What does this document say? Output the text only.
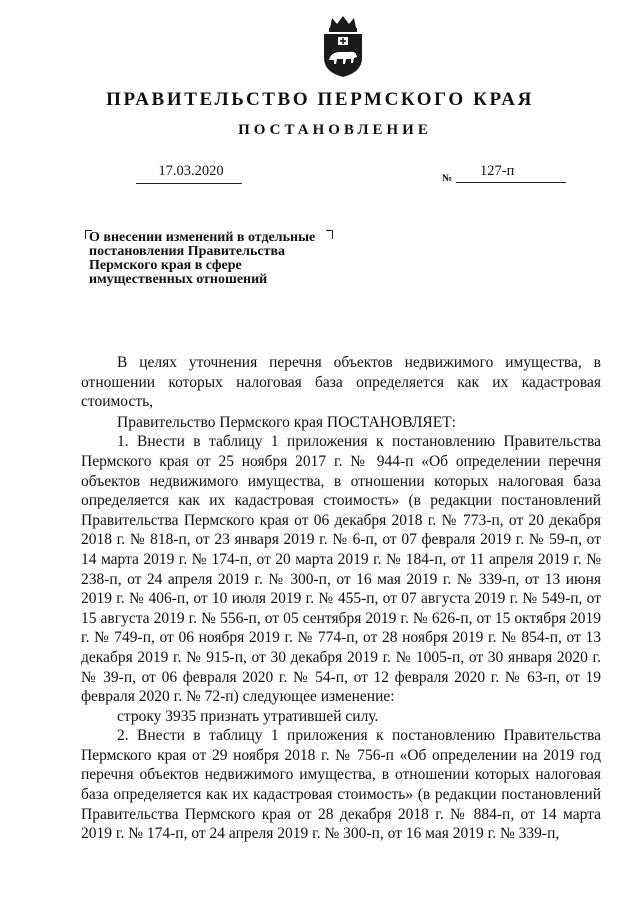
ПРАВИТЕЛЬСТВО ПЕРМСКОГО КРАЯ
ПОСТАНОВЛЕНИЕ
17.03.2020	№ 127-п
О внесении изменений в отдельные
постановления Правительства
Пермского края в сфере
имущественных отношений

В целях уточнения перечня объектов недвижимого имущества, в отношении которых налоговая база определяется как их кадастровая стоимость,

Правительство Пермского края ПОСТАНОВЛЯЕТ:

1. Внести в таблицу 1 приложения к постановлению Правительства Пермского края от 25 ноября 2017 г. № 944-п «Об определении перечня объектов недвижимого имущества, в отношении которых налоговая база определяется как их кадастровая стоимость» (в редакции постановлений Правительства Пермского края от 06 декабря 2018 г. № 773-п, от 20 декабря 2018 г. № 818-п, от 23 января 2019 г. № 6-п, от 07 февраля 2019 г. № 59-п, от 14 марта 2019 г. № 174-п, от 20 марта 2019 г. № 184-п, от 11 апреля 2019 г. № 238-п, от 24 апреля 2019 г. № 300-п, от 16 мая 2019 г. № 339-п, от 13 июня 2019 г. № 406-п, от 10 июля 2019 г. № 455-п, от 07 августа 2019 г. № 549-п, от 15 августа 2019 г. № 556-п, от 05 сентября 2019 г. № 626-п, от 15 октября 2019 г. № 749-п, от 06 ноября 2019 г. № 774-п, от 28 ноября 2019 г. № 854-п, от 13 декабря 2019 г. № 915-п, от 30 декабря 2019 г. № 1005-п, от 30 января 2020 г. № 39-п, от 06 февраля 2020 г. № 54-п, от 12 февраля 2020 г. № 63-п, от 19 февраля 2020 г. № 72-п) следующее изменение:

строку 3935 признать утратившей силу.

2. Внести в таблицу 1 приложения к постановлению Правительства Пермского края от 29 ноября 2018 г. № 756-п «Об определении на 2019 год перечня объектов недвижимого имущества, в отношении которых налоговая база определяется как их кадастровая стоимость» (в редакции постановлений Правительства Пермского края от 28 декабря 2018 г. № 884-п, от 14 марта 2019 г. № 174-п, от 24 апреля 2019 г. № 300-п, от 16 мая 2019 г. № 339-п,
